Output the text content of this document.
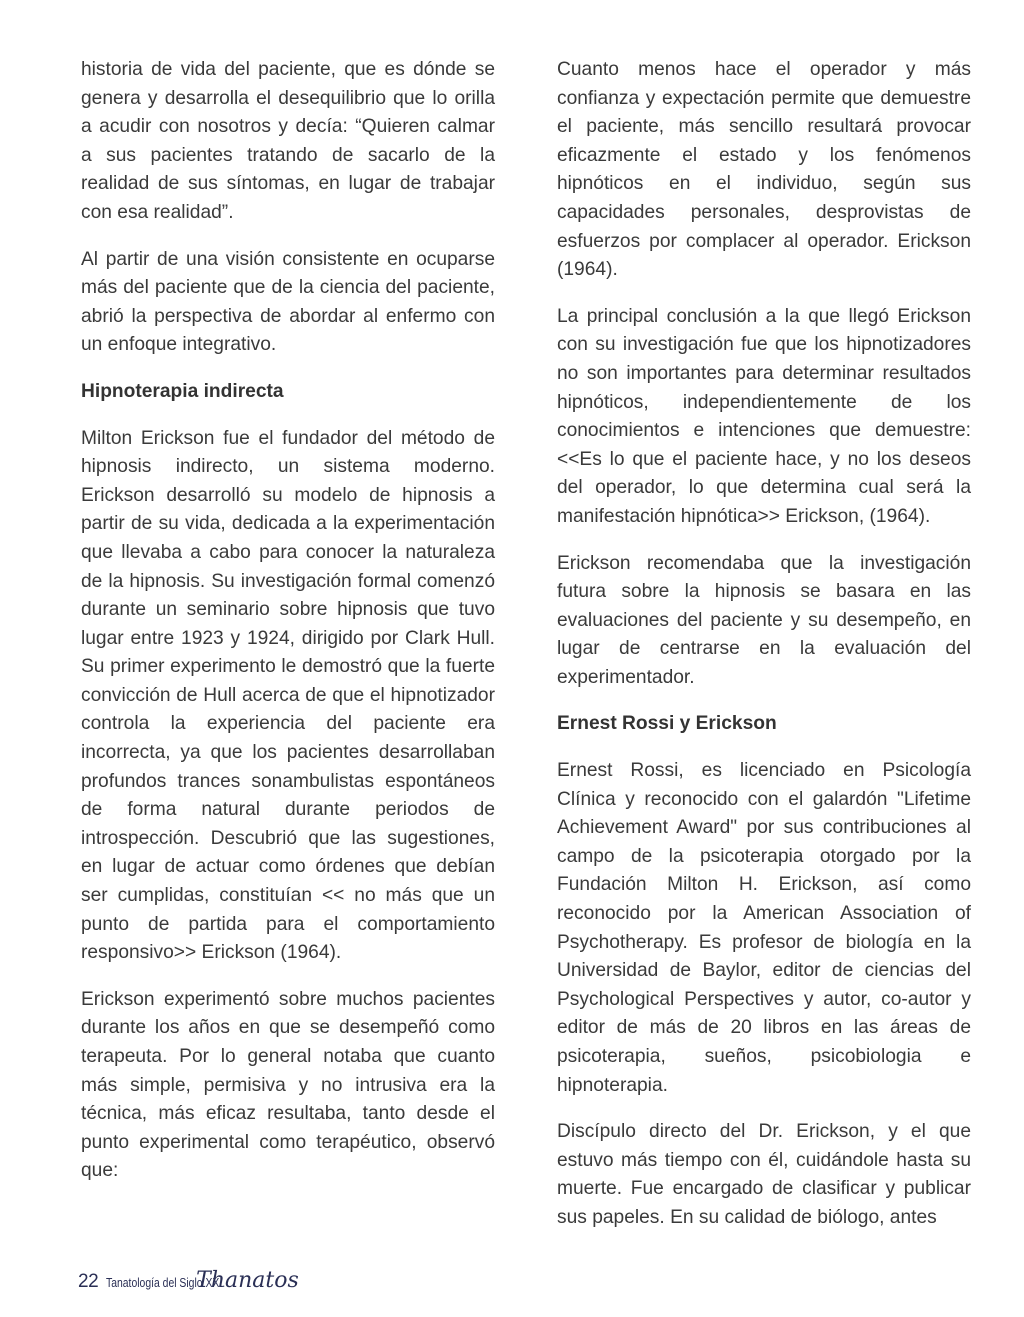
historia de vida del paciente, que es dónde se genera y desarrolla el desequilibrio que lo orilla a acudir con nosotros y decía: “Quieren calmar a sus pacientes tratando de sacarlo de la realidad de sus síntomas, en lugar de trabajar con esa realidad”.

Al partir de una visión consistente en ocuparse más del paciente que de la ciencia del paciente, abrió la perspectiva de abordar al enfermo con un enfoque integrativo.

Hipnoterapia indirecta

Milton Erickson fue el fundador del método de hipnosis indirecto, un sistema moderno. Erickson desarrolló su modelo de hipnosis a partir de su vida, dedicada a la experimentación que llevaba a cabo para conocer la naturaleza de la hipnosis. Su investigación formal comenzó durante un seminario sobre hipnosis que tuvo lugar entre 1923 y 1924, dirigido por Clark Hull. Su primer experimento le demostró que la fuerte convicción de Hull acerca de que el hipnotizador controla la experiencia del paciente era incorrecta, ya que los pacientes desarrollaban profundos trances sonambulistas espontáneos de forma natural durante periodos de introspección. Descubrió que las sugestiones, en lugar de actuar como órdenes que debían ser cumplidas, constituían << no más que un punto de partida para el comportamiento responsivo>> Erickson (1964).

Erickson experimentó sobre muchos pacientes durante los años en que se desempeñó como terapeuta. Por lo general notaba que cuanto más simple, permisiva y no intrusiva era la técnica, más eficaz resultaba, tanto desde el punto experimental como terapéutico, observó que:

Cuanto menos hace el operador y más confianza y expectación permite que demuestre el paciente, más sencillo resultará provocar eficazmente el estado y los fenómenos hipnóticos en el individuo, según sus capacidades personales, desprovistas de esfuerzos por complacer al operador. Erickson (1964).

La principal conclusión a la que llegó Erickson con su investigación fue que los hipnotizadores no son importantes para determinar resultados hipnóticos, independientemente de los conocimientos e intenciones que demuestre: <<Es lo que el paciente hace, y no los deseos del operador, lo que determina cual será la manifestación hipnótica>> Erickson, (1964).

Erickson recomendaba que la investigación futura sobre la hipnosis se basara en las evaluaciones del paciente y su desempeño, en lugar de centrarse en la evaluación del experimentador.

Ernest Rossi y Erickson

Ernest Rossi, es licenciado en Psicología Clínica y reconocido con el galardón "Lifetime Achievement Award" por sus contribuciones al campo de la psicoterapia otorgado por la Fundación Milton H. Erickson, así como reconocido por la American Association of Psychotherapy. Es profesor de biología en la Universidad de Baylor, editor de ciencias del Psychological Perspectives y autor, co-autor y editor de más de 20 libros en las áreas de psicoterapia, sueños, psicobiologia e hipnoterapia.

Discípulo directo del Dr. Erickson, y el que estuvo más tiempo con él, cuidándole hasta su muerte. Fue encargado de clasificar y publicar sus papeles. En su calidad de biólogo, antes

22 Tanatología del Siglo XXI.
Thanatos
